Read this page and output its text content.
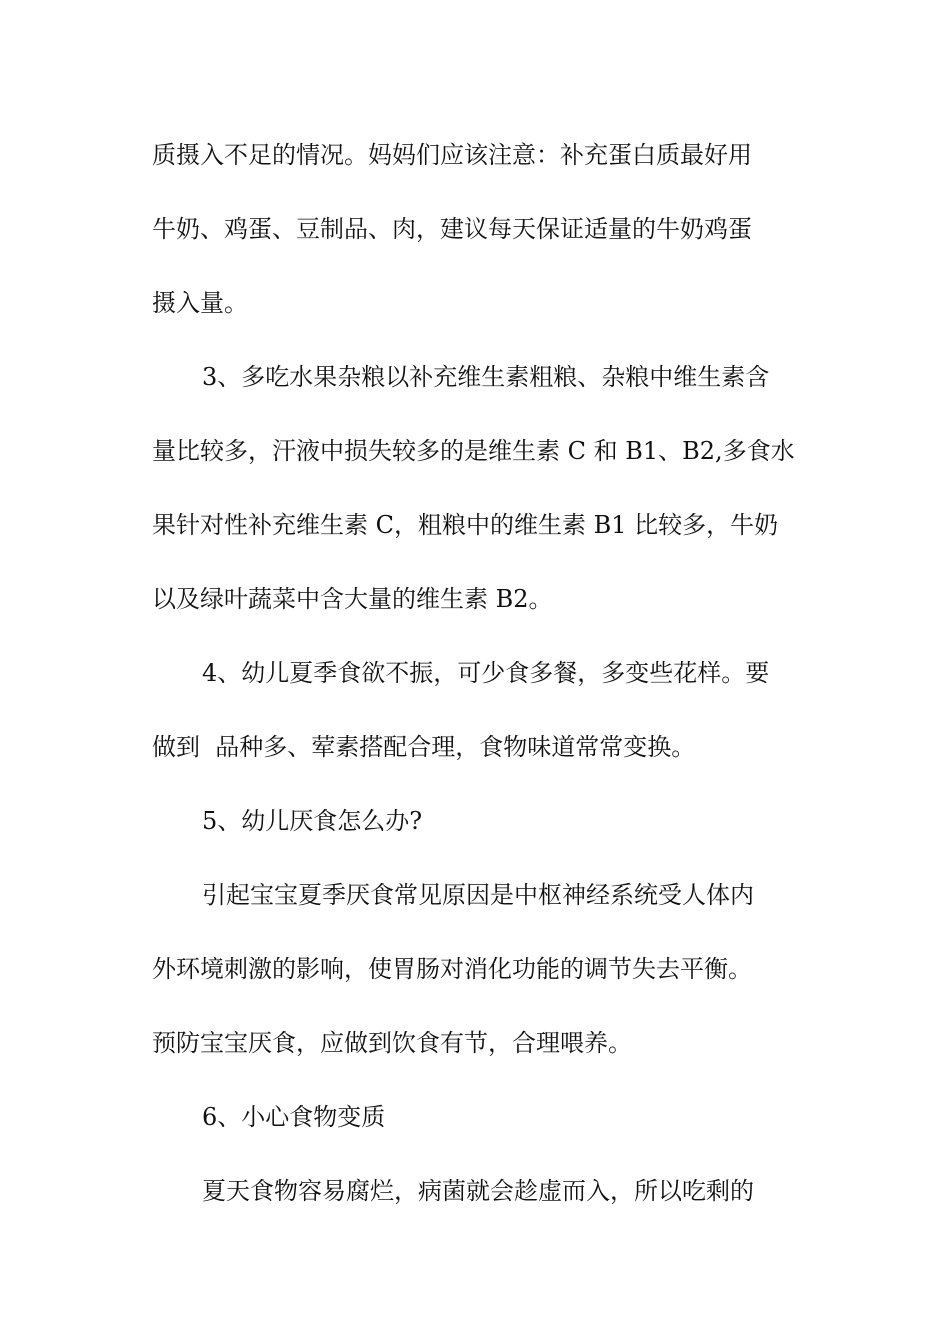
质摄入不足的情况。妈妈们应该注意：补充蛋白质最好用

牛奶、鸡蛋、豆制品、肉，建议每天保证适量的牛奶鸡蛋

摄入量。

3、多吃水果杂粮以补充维生素粗粮、杂粮中维生素含

量比较多，汗液中损失较多的是维生素 C 和 B1、B2,多食水

果针对性补充维生素 C，粗粮中的维生素 B1 比较多，牛奶

以及绿叶蔬菜中含大量的维生素 B2。

4、幼儿夏季食欲不振，可少食多餐，多变些花样。要

做到  品种多、荤素搭配合理，食物味道常常变换。

5、幼儿厌食怎么办?

引起宝宝夏季厌食常见原因是中枢神经系统受人体内

外环境刺激的影响，使胃肠对消化功能的调节失去平衡。

预防宝宝厌食，应做到饮食有节，合理喂养。

6、小心食物变质

夏天食物容易腐烂，病菌就会趁虚而入，所以吃剩的
